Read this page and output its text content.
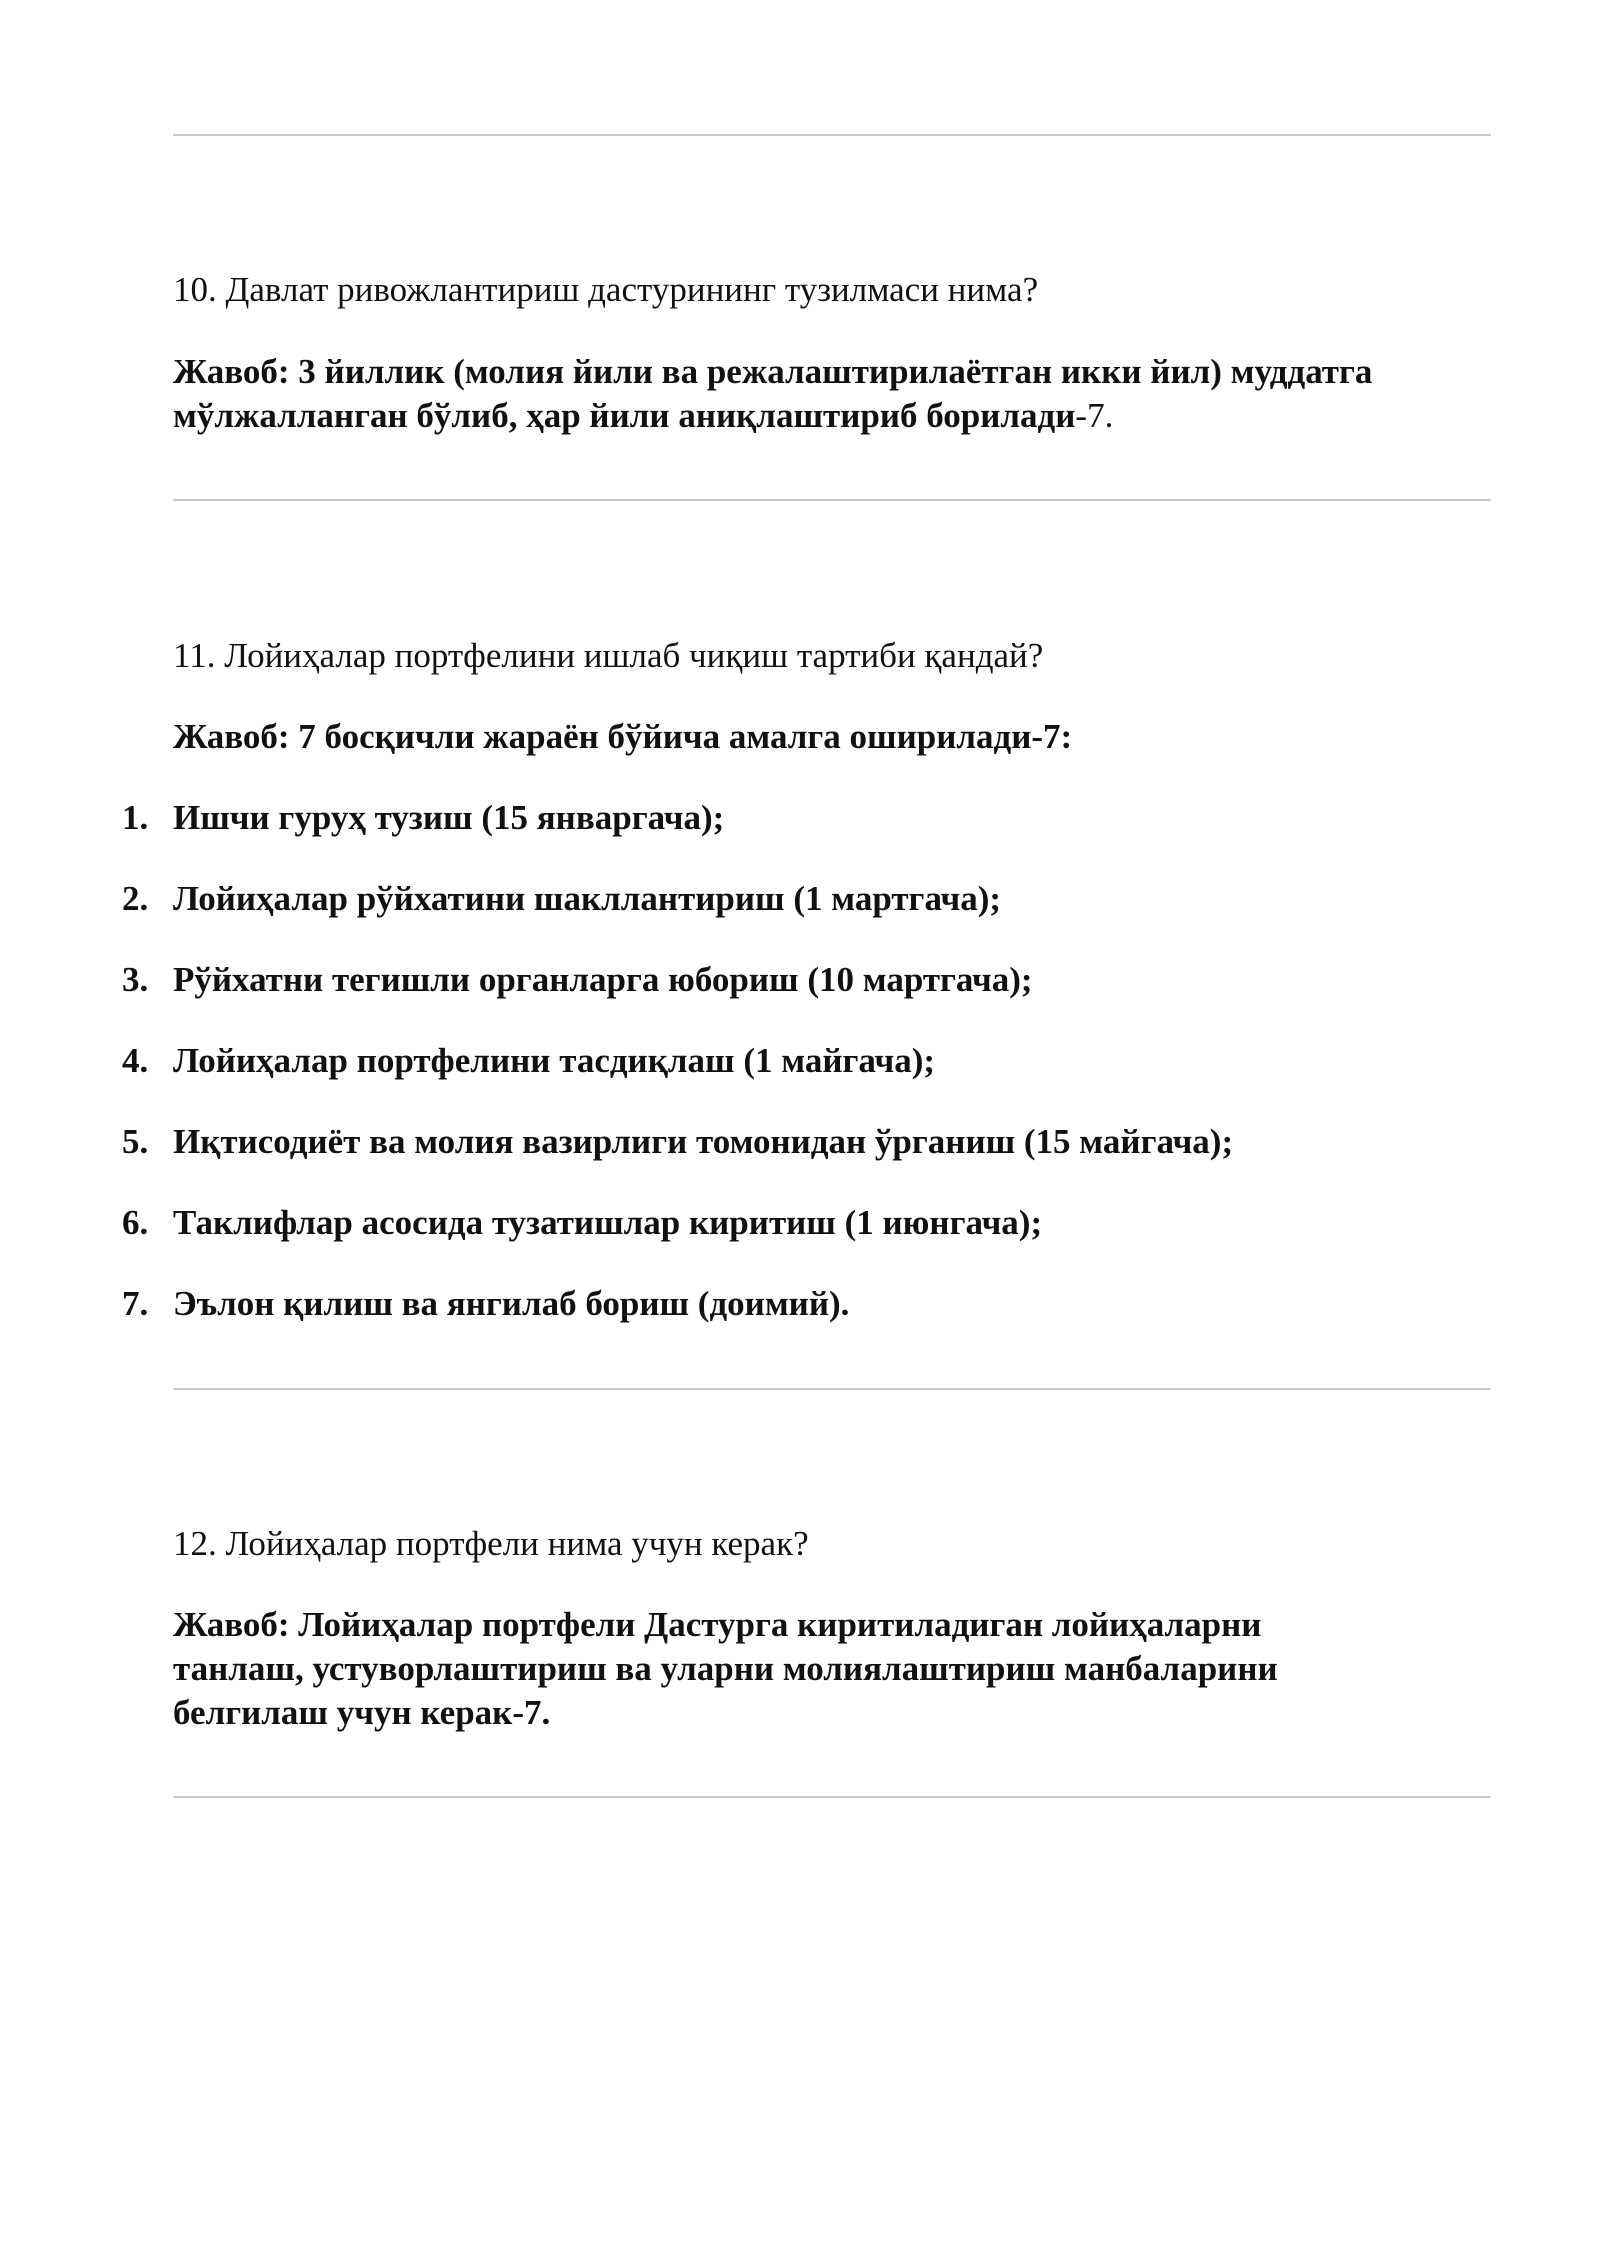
10. Давлат ривожлантириш дастурининг тузилмаси нима?
Жавоб: 3 йиллик (молия йили ва режалаштирилаётган икки йил) муддатга
мўлжалланган бўлиб, ҳар йили аниқлаштириб борилади-7.
11. Лойиҳалар портфелини ишлаб чиқиш тартиби қандай?
Жавоб: 7 босқичли жараён бўйича амалга оширилади-7:
1. Ишчи гуруҳ тузиш (15 январгача);
2. Лойиҳалар рўйхатини шакллантириш (1 мартгача);
3. Рўйхатни тегишли органларга юбориш (10 мартгача);
4. Лойиҳалар портфелини тасдиқлаш (1 майгача);
5. Иқтисодиёт ва молия вазирлиги томонидан ўрганиш (15 майгача);
6. Таклифлар асосида тузатишлар киритиш (1 июнгача);
7. Эълон қилиш ва янгилаб бориш (доимий).
12. Лойиҳалар портфели нима учун керак?
Жавоб: Лойиҳалар портфели Дастурга киритиладиган лойиҳаларни
танлаш, устуворлаштириш ва уларни молиялаштириш манбаларини
белгилаш учун керак-7.
